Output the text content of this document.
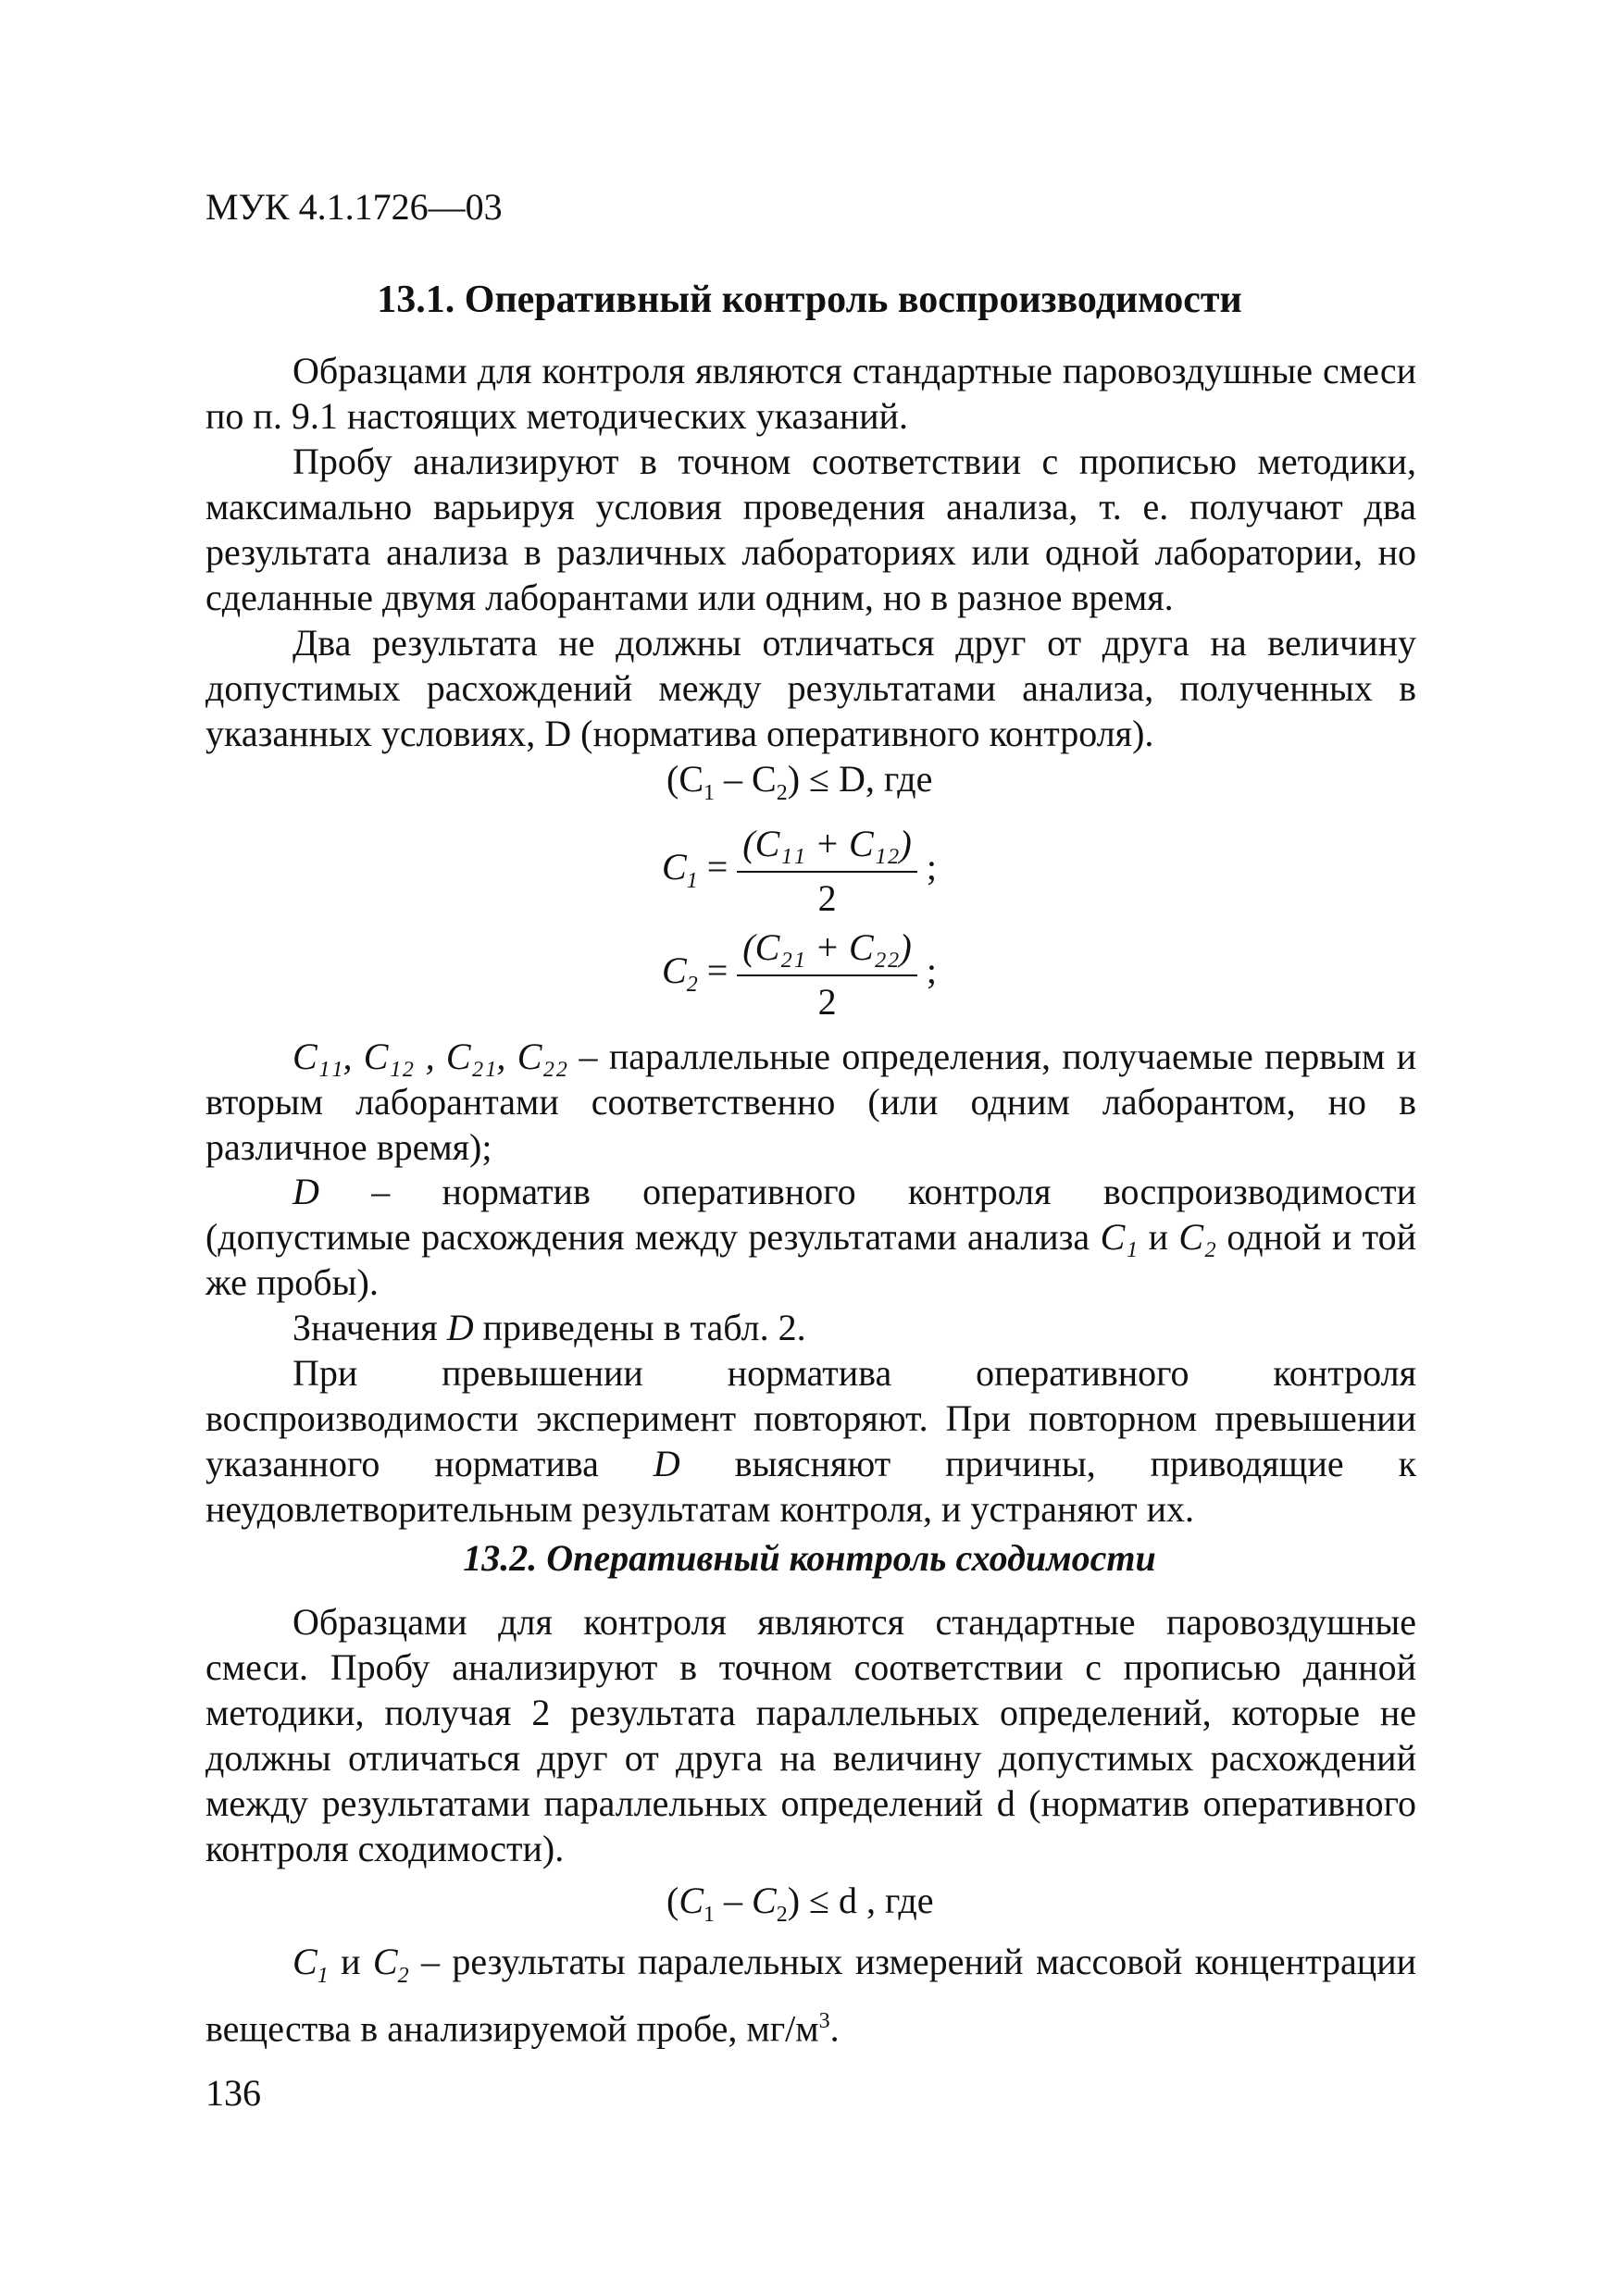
МУК 4.1.1726—03
13.1. Оперативный контроль воспроизводимости

Образцами для контроля являются стандартные паровоздушные смеси по п. 9.1 настоящих методических указаний.

Пробу анализируют в точном соответствии с прописью методики, максимально варьируя условия проведения анализа, т. е. получают два результата анализа в различных лабораториях или одной лаборатории, но сделанные двумя лаборантами или одним, но в разное время.

Два результата не должны отличаться друг от друга на величину допустимых расхождений между результатами анализа, полученных в указанных условиях, D (норматива оперативного контроля).

$(С_1 - С_2) \le D$, где
$C_1 = \frac{\text{(C₁₁ + C₁₂)}}{2}$ ;
$C_2 = \frac{\text{(C₂₁ + C₂₂)}}{2}$ ;

C₁₁, C₁₂ , C₂₁, C₂₂ – параллельные определения, получаемые первым и вторым лаборантами соответственно (или одним лаборантом, но в различное время);

D – норматив оперативного контроля воспроизводимости (допустимые расхождения между результатами анализа C₁ и C₂ одной и той же пробы).

Значения D приведены в табл. 2.

При превышении норматива оперативного контроля воспроизводимости эксперимент повторяют. При повторном превышении указанного норматива D выясняют причины, приводящие к неудовлетворительным результатам контроля, и устраняют их.

13.2. Оперативный контроль сходимости

Образцами для контроля являются стандартные паровоздушные смеси. Пробу анализируют в точном соответствии с прописью данной методики, получая 2 результата параллельных определений, которые не должны отличаться друг от друга на величину допустимых расхождений между результатами параллельных определений d (норматив оперативного контроля сходимости).

$(C_1 - C_2) \le d$ , где

$C_1$ и $C_2$ – результаты паралельных измерений массовой концентрации вещества в анализируемой пробе, $мг/м^3$.

136
